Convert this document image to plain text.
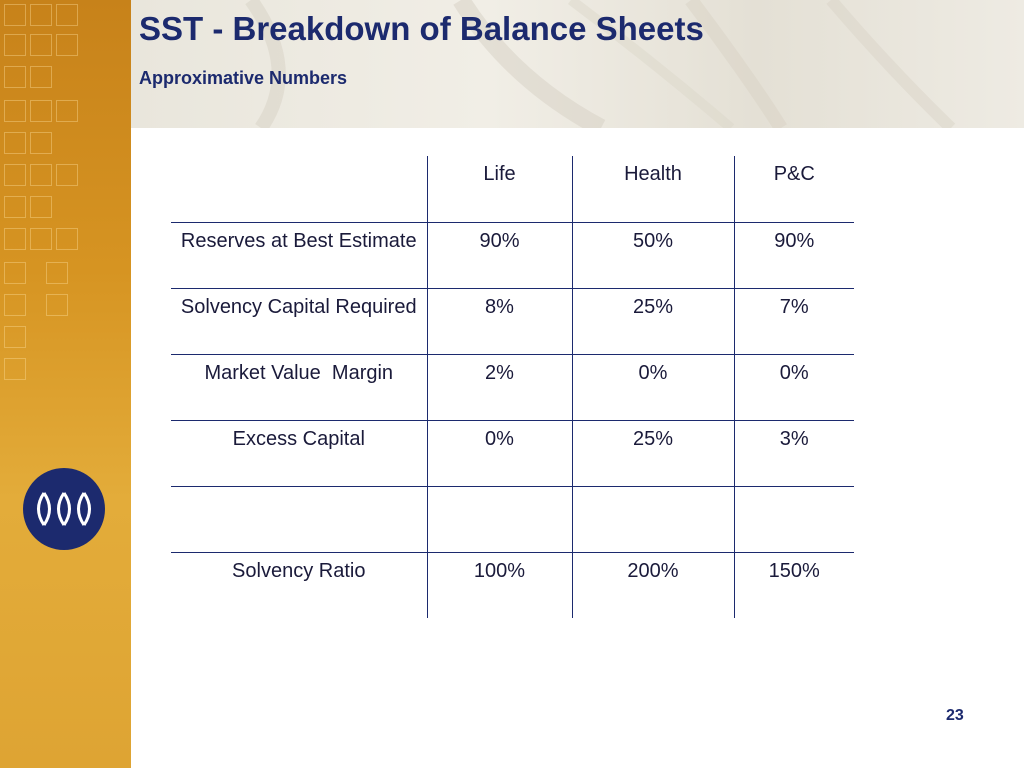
SST - Breakdown of Balance Sheets
Approximative Numbers
	Life	Health	P&C
Reserves at Best Estimate	90%	50%	90%
Solvency Capital Required	8%	25%	7%
Market Value  Margin	2%	0%	0%
Excess Capital	0%	25%	3%

Solvency Ratio	100%	200%	150%
23
